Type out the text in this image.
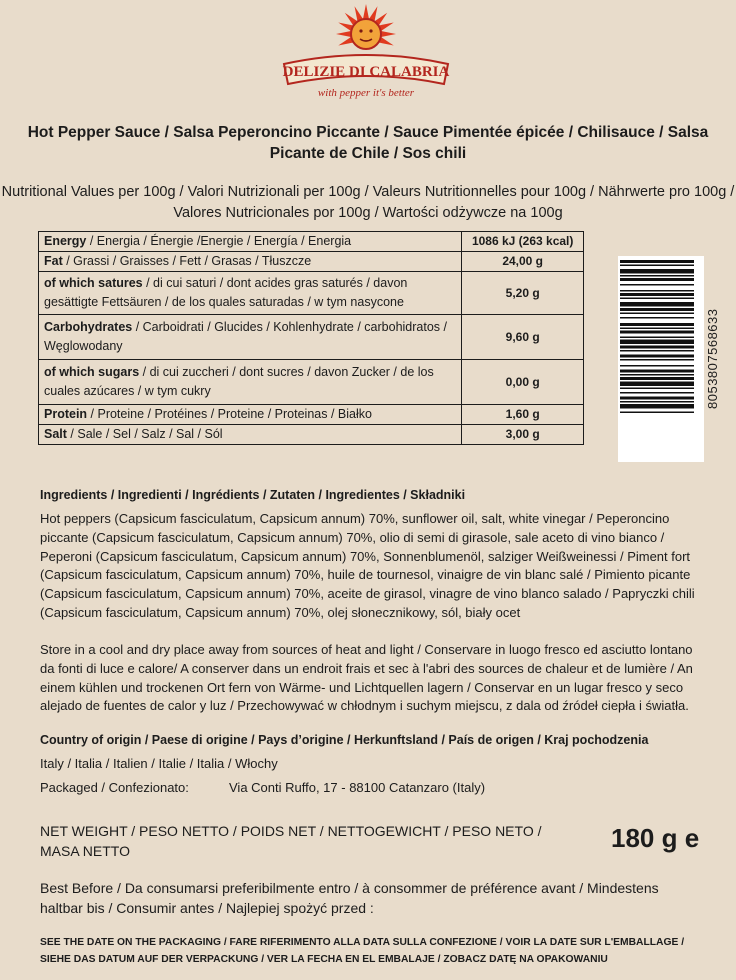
DELIZIE DI CALABRIA
with pepper it's better
Hot Pepper Sauce / Salsa Peperoncino Piccante / Sauce Pimentée épicée / Chilisauce / Salsa Picante de Chile / Sos chili
Nutritional Values per 100g / Valori Nutrizionali per 100g / Valeurs Nutritionnelles pour 100g / Nährwerte pro 100g / Valores Nutricionales por 100g / Wartości odżywcze na 100g
Energy / Energia / Énergie /Energie / Energía / Energia	1086 kJ (263 kcal)
Fat / Grassi / Graisses / Fett / Grasas / Tłuszcze	24,00 g
of which satures / di cui saturi / dont acides gras saturés / davon gesättigte Fettsäuren / de los quales saturadas / w tym nasycone	5,20 g
Carbohydrates / Carboidrati / Glucides / Kohlenhydrate / carbohidratos / Węglowodany	9,60 g
of which sugars / di cui zuccheri / dont sucres / davon Zucker / de los cuales azúcares / w tym cukry	0,00 g
Protein / Proteine / Protéines / Proteine / Proteinas / Białko	1,60 g
Salt / Sale / Sel / Salz / Sal / Sól	3,00 g
8053807568633
Ingredients / Ingredienti / Ingrédients / Zutaten / Ingredientes / Składniki
Hot peppers (Capsicum fasciculatum, Capsicum annum) 70%, sunflower oil, salt, white vinegar / Peperoncino piccante (Capsicum fasciculatum, Capsicum annum) 70%, olio di semi di girasole, sale aceto di vino bianco / Peperoni (Capsicum fasciculatum, Capsicum annum) 70%, Sonnenblumenöl, salziger Weißweinessi / Piment fort (Capsicum fasciculatum, Capsicum annum) 70%, huile de tournesol, vinaigre de vin blanc salé / Pimiento picante (Capsicum fasciculatum, Capsicum annum) 70%, aceite de girasol, vinagre de vino blanco salado / Papryczki chili (Capsicum fasciculatum, Capsicum annum) 70%, olej słonecznikowy, sól, biały ocet
Store in a cool and dry place away from sources of heat and light / Conservare in luogo fresco ed asciutto lontano da fonti di luce e calore/ A conserver dans un endroit frais et sec à l'abri des sources de chaleur et de lumière / An einem kühlen und trockenen Ort fern von Wärme- und Lichtquellen lagern / Conservar en un lugar fresco y seco alejado de fuentes de calor y luz / Przechowywać w chłodnym i suchym miejscu, z dala od źródeł ciepła i światła.
Country of origin / Paese di origine / Pays d’origine / Herkunftsland / País de origen / Kraj pochodzenia
Italy / Italia / Italien / Italie / Italia / Włochy
Packaged / Confezionato:	Via Conti Ruffo, 17 - 88100 Catanzaro (Italy)
NET WEIGHT / PESO NETTO / POIDS NET / NETTOGEWICHT / PESO NETO / MASA NETTO	180 g e
Best Before / Da consumarsi preferibilmente entro / à consommer de préférence avant / Mindestens haltbar bis / Consumir antes / Najlepiej spożyć przed :
SEE THE DATE ON THE PACKAGING / FARE RIFERIMENTO ALLA DATA SULLA CONFEZIONE / VOIR LA DATE SUR L'EMBALLAGE / SIEHE DAS DATUM AUF DER VERPACKUNG / VER LA FECHA EN EL EMBALAJE / ZOBACZ DATĘ NA OPAKOWANIU
